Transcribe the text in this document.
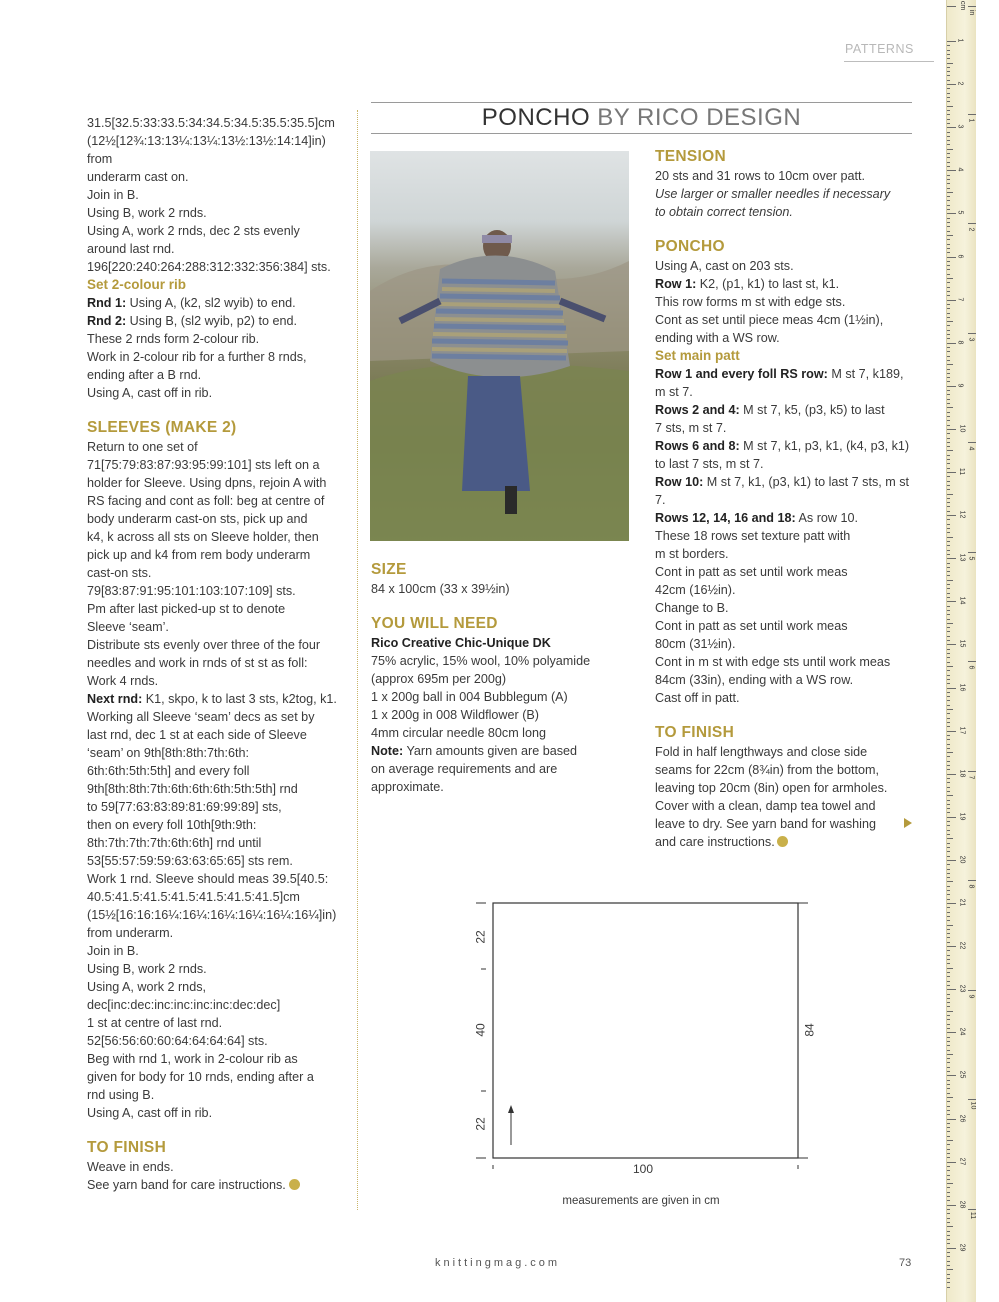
PATTERNS
PONCHO BY RICO DESIGN

31.5[32.5:33:33.5:34:34.5:34.5:35.5:35.5]cm

(12½[12¾:13:13¼:13¼:13½:13½:14:14]in) from

underarm cast on.

Join in B.

Using B, work 2 rnds.

Using A, work 2 rnds, dec 2 sts evenly

around last rnd.

196[220:240:264:288:312:332:356:384] sts.

Set 2-colour rib

Rnd 1: Using A, (k2, sl2 wyib) to end.

Rnd 2: Using B, (sl2 wyib, p2) to end.

These 2 rnds form 2-colour rib.

Work in 2-colour rib for a further 8 rnds,

ending after a B rnd.

Using A, cast off in rib.

SLEEVES (MAKE 2)

Return to one set of

71[75:79:83:87:93:95:99:101] sts left on a

holder for Sleeve. Using dpns, rejoin A with

RS facing and cont as foll: beg at centre of

body underarm cast-on sts, pick up and

k4, k across all sts on Sleeve holder, then

pick up and k4 from rem body underarm

cast-on sts.

79[83:87:91:95:101:103:107:109] sts.

Pm after last picked-up st to denote

Sleeve ‘seam’.

Distribute sts evenly over three of the four

needles and work in rnds of st st as foll:

Work 4 rnds.

Next rnd: K1, skpo, k to last 3 sts, k2tog, k1.

Working all Sleeve ‘seam’ decs as set by

last rnd, dec 1 st at each side of Sleeve

‘seam’ on 9th[8th:8th:7th:6th:

6th:6th:5th:5th] and every foll

9th[8th:8th:7th:6th:6th:6th:5th:5th] rnd

to 59[77:63:83:89:81:69:99:89] sts,

then on every foll 10th[9th:9th:

8th:7th:7th:7th:6th:6th] rnd until

53[55:57:59:59:63:63:65:65] sts rem.

Work 1 rnd. Sleeve should meas 39.5[40.5:

40.5:41.5:41.5:41.5:41.5:41.5:41.5]cm

(15½[16:16:16¼:16¼:16¼:16¼:16¼:16¼]in)

from underarm.

Join in B.

Using B, work 2 rnds.

Using A, work 2 rnds,

dec[inc:dec:inc:inc:inc:inc:dec:dec]

1 st at centre of last rnd.

52[56:56:60:60:64:64:64:64] sts.

Beg with rnd 1, work in 2-colour rib as

given for body for 10 rnds, ending after a

rnd using B.

Using A, cast off in rib.

TO FINISH

Weave in ends.

See yarn band for care instructions.

SIZE

84 x 100cm (33 x 39½in)

YOU WILL NEED

Rico Creative Chic-Unique DK

75% acrylic, 15% wool, 10% polyamide

(approx 695m per 200g)

1 x 200g ball in 004 Bubblegum (A)

1 x 200g in 008 Wildflower (B)

4mm circular needle 80cm long

Note: Yarn amounts given are based

on average requirements and are

approximate.

TENSION

20 sts and 31 rows to 10cm over patt.

Use larger or smaller needles if necessary

to obtain correct tension.

PONCHO

Using A, cast on 203 sts.

Row 1: K2, (p1, k1) to last st, k1.

This row forms m st with edge sts.

Cont as set until piece meas 4cm (1½in),

ending with a WS row.

Set main patt

Row 1 and every foll RS row: M st 7, k189,

m st 7.

Rows 2 and 4: M st 7, k5, (p3, k5) to last

7 sts, m st 7.

Rows 6 and 8: M st 7, k1, p3, k1, (k4, p3, k1)

to last 7 sts, m st 7.

Row 10: M st 7, k1, (p3, k1) to last 7 sts, m st 7.

Rows 12, 14, 16 and 18: As row 10.

These 18 rows set texture patt with

m st borders.

Cont in patt as set until work meas

42cm (16½in).

Change to B.

Cont in patt as set until work meas

80cm (31½in).

Cont in m st with edge sts until work meas

84cm (33in), ending with a WS row.

Cast off in patt.

TO FINISH

Fold in half lengthways and close side

seams for 22cm (8¾in) from the bottom,

leaving top 20cm (8in) open for armholes.

Cover with a clean, damp tea towel and

leave to dry. See yarn band for washing

and care instructions.

22
40
22
84
100
measurements are given in cm
knittingmag.com	73
cm
1
2
3
4
5
6
7
8
9
10
11
12
13
14
15
16
17
18
19
20
21
22
23
24
25
26
27
28
29
in
1
2
3
4
5
6
7
8
9
10
11
